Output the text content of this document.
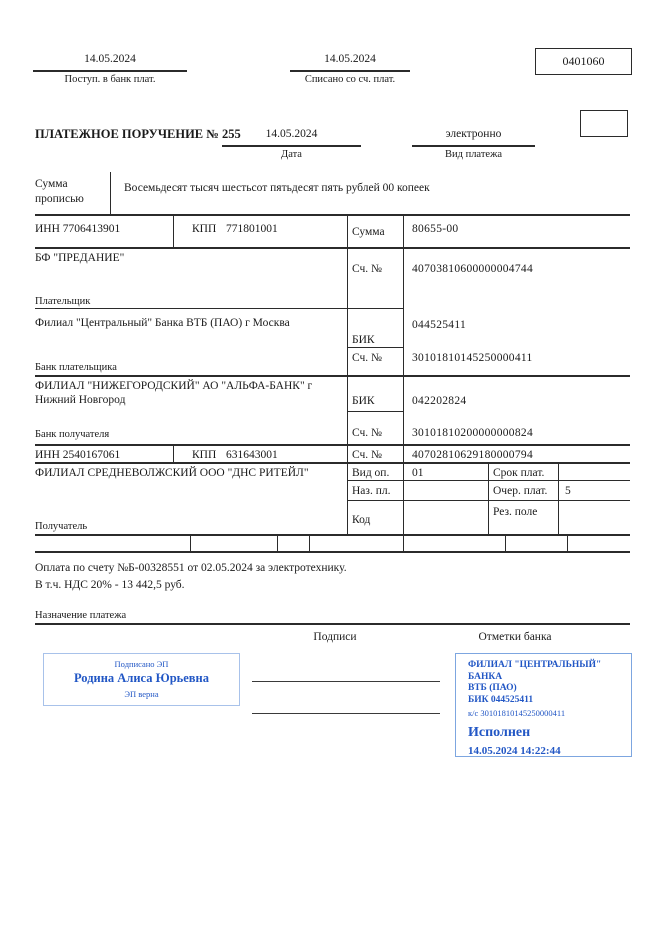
14.05.2024
Поступ. в банк плат.
14.05.2024
Списано со сч. плат.
0401060
ПЛАТЕЖНОЕ ПОРУЧЕНИЕ № 255	14.05.2024
Дата
электронно
Вид платежа
Сумма
прописью
Восемьдесят тысяч шестьсот пятьдесят пять рублей 00 копеек
ИНН 7706413901	КПП 771801001	Сумма 80655-00
БФ "ПРЕДАНИЕ"
Плательщик
Сч. №	40703810600000004744
Филиал "Центральный" Банка ВТБ (ПАО) г Москва
БИК
044525411
Сч. №	30101810145250000411
Банк плательщика
ФИЛИАЛ "НИЖЕГОРОДСКИЙ" АО "АЛЬФА-БАНК" г Нижний Новгород	БИК	042202824
Сч. №	30101810200000000824
Банк получателя
ИНН 2540167061	КПП 631643001	Сч. №	40702810629180000794
ФИЛИАЛ СРЕДНЕВОЛЖСКИЙ ООО "ДНС РИТЕЙЛ"
Получатель
Вид оп. 01	Срок плат.
Наз. пл.	Очер. плат. 5
Код
Рез. поле
Оплата по счету №Б-00328551 от 02.05.2024 за электротехнику.
В т.ч. НДС 20% - 13 442,5 руб.
Назначение платежа
Подписи	Отметки банка
Подписано ЭП
Родина Алиса Юрьевна
ЭП верна
ФИЛИАЛ "ЦЕНТРАЛЬНЫЙ" БАНКА
ВТБ (ПАО)
БИК 044525411
к/с 30101810145250000411
Исполнен
14.05.2024 14:22:44
